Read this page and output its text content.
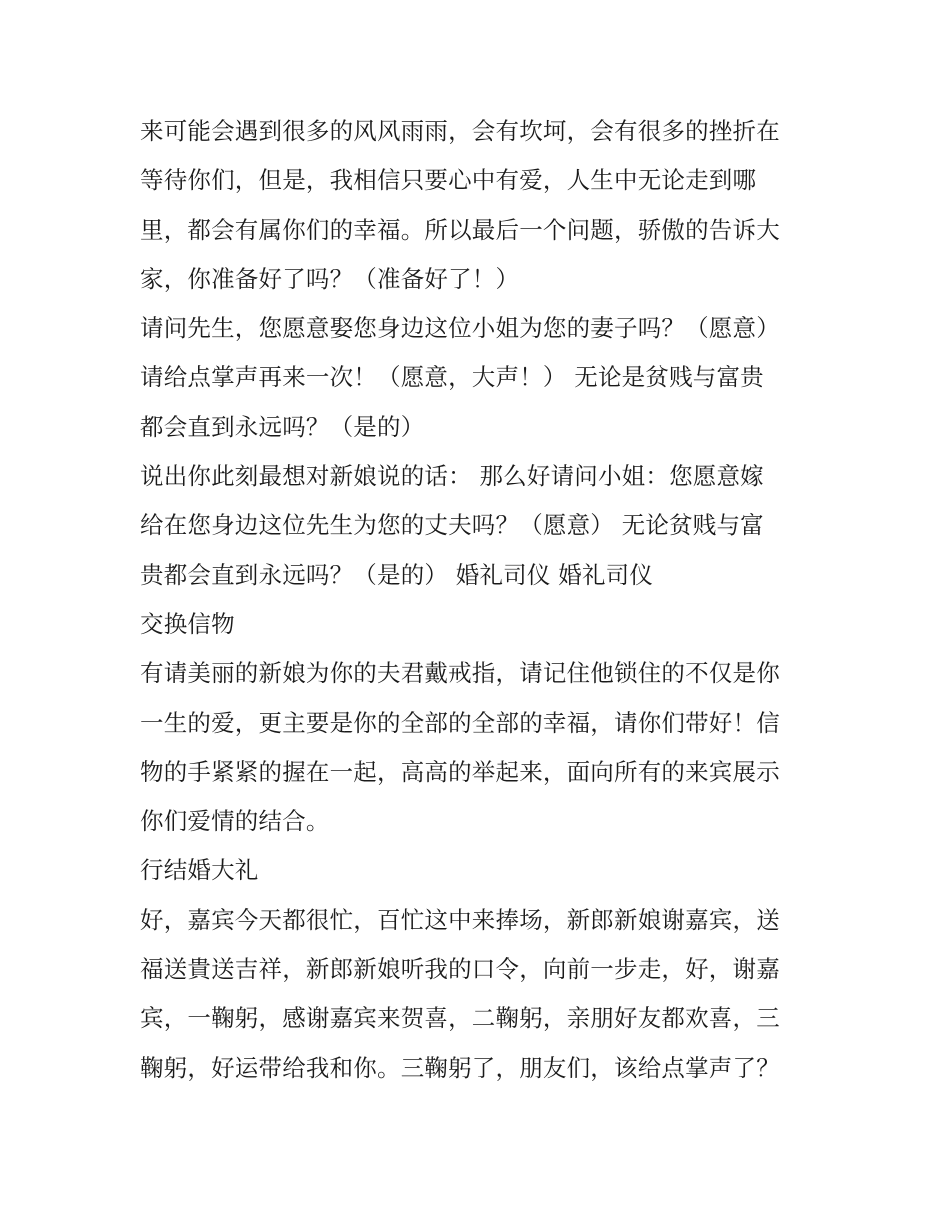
来可能会遇到很多的风风雨雨，会有坎坷，会有很多的挫折在
等待你们，但是，我相信只要心中有爱，人生中无论走到哪
里，都会有属你们的幸福。所以最后一个问题，骄傲的告诉大
家，你准备好了吗？（准备好了！）
请问先生，您愿意娶您身边这位小姐为您的妻子吗？（愿意）
请给点掌声再来一次！（愿意，大声！） 无论是贫贱与富贵
都会直到永远吗？（是的）
说出你此刻最想对新娘说的话： 那么好请问小姐：您愿意嫁
给在您身边这位先生为您的丈夫吗？（愿意） 无论贫贱与富
贵都会直到永远吗？（是的） 婚礼司仪 婚礼司仪
交换信物
有请美丽的新娘为你的夫君戴戒指，请记住他锁住的不仅是你
一生的爱，更主要是你的全部的全部的幸福，请你们带好！信
物的手紧紧的握在一起，高高的举起来，面向所有的来宾展示
你们爱情的结合。
行结婚大礼
好，嘉宾今天都很忙，百忙这中来捧场，新郎新娘谢嘉宾，送
福送貴送吉祥，新郎新娘听我的口令，向前一步走，好，谢嘉
宾，一鞠躬，感谢嘉宾来贺喜，二鞠躬，亲朋好友都欢喜，三
鞠躬，好运带给我和你。三鞠躬了，朋友们，该给点掌声了？
